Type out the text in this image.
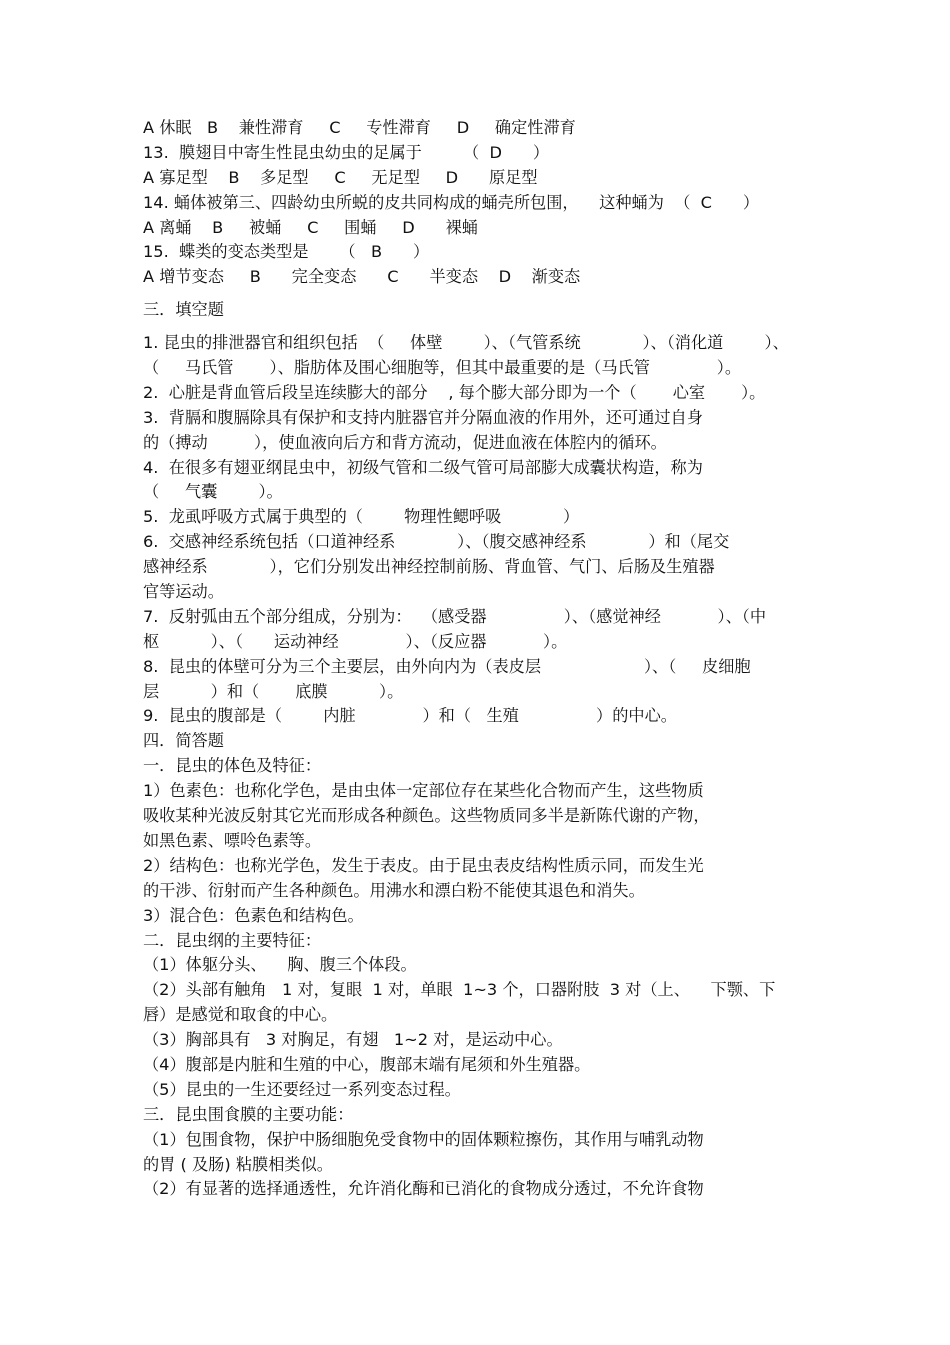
A 休眠   B    兼性滞育     C     专性滞育     D     确定性滞育
13.  膜翅目中寄生性昆虫幼虫的足属于        （  D      ）
A 寡足型    B    多足型     C     无足型     D      原足型
14. 蛹体被第三、四龄幼虫所蜕的皮共同构成的蛹壳所包围，    这种蛹为  （  C      ）
A 离蛹    B     被蛹     C     围蛹     D      裸蛹
15.  蝶类的变态类型是      （   B      ）
A 增节变态     B      完全变态      C      半变态    D    渐变态
三．填空题
1. 昆虫的排泄器官和组织包括  （     体壁        ）、（气管系统            ）、（消化道        ）、
（     马氏管       ）、脂肪体及围心细胞等，但其中最重要的是（马氏管             ）。
2.  心脏是背血管后段呈连续膨大的部分    , 每个膨大部分即为一个（       心室       ）。
3.  背膈和腹膈除具有保护和支持内脏器官并分隔血液的作用外，还可通过自身
的（搏动         ），使血液向后方和背方流动，促进血液在体腔内的循环。
4.  在很多有翅亚纲昆虫中，初级气管和二级气管可局部膨大成囊状构造，称为
（     气囊        ）。
5.  龙虱呼吸方式属于典型的（        物理性鳃呼吸            ）
6.  交感神经系统包括（口道神经系            ）、（腹交感神经系            ）和（尾交
感神经系            ），它们分别发出神经控制前肠、背血管、气门、后肠及生殖器
官等运动。
7.  反射弧由五个部分组成，分别为：  （感受器               ）、（感觉神经           ）、（中
枢          ）、（      运动神经             ）、（反应器           ）。
8.  昆虫的体壁可分为三个主要层，由外向内为（表皮层                    ）、（     皮细胞
层          ）和（       底膜          ）。
9.  昆虫的腹部是（        内脏             ）和（   生殖               ）的中心。
四．简答题
一．昆虫的体色及特征：
1）色素色：也称化学色，是由虫体一定部位存在某些化合物而产生，这些物质
吸收某种光波反射其它光而形成各种颜色。这些物质同多半是新陈代谢的产物，
如黑色素、嘌呤色素等。
2）结构色：也称光学色，发生于表皮。由于昆虫表皮结构性质示同，而发生光
的干涉、衍射而产生各种颜色。用沸水和漂白粉不能使其退色和消失。
3）混合色：色素色和结构色。
二．昆虫纲的主要特征：
（1）体躯分头、    胸、腹三个体段。
（2）头部有触角   1 对，复眼  1 对，单眼  1~3 个，口器附肢  3 对（上、    下颚、下
唇）是感觉和取食的中心。
（3）胸部具有   3 对胸足，有翅   1~2 对，是运动中心。
（4）腹部是内脏和生殖的中心，腹部末端有尾须和外生殖器。
（5）昆虫的一生还要经过一系列变态过程。
三．昆虫围食膜的主要功能：
（1）包围食物，保护中肠细胞免受食物中的固体颗粒擦伤，其作用与哺乳动物
的胃 ( 及肠) 粘膜相类似。
（2）有显著的选择通透性，允许消化酶和已消化的食物成分透过，不允许食物
